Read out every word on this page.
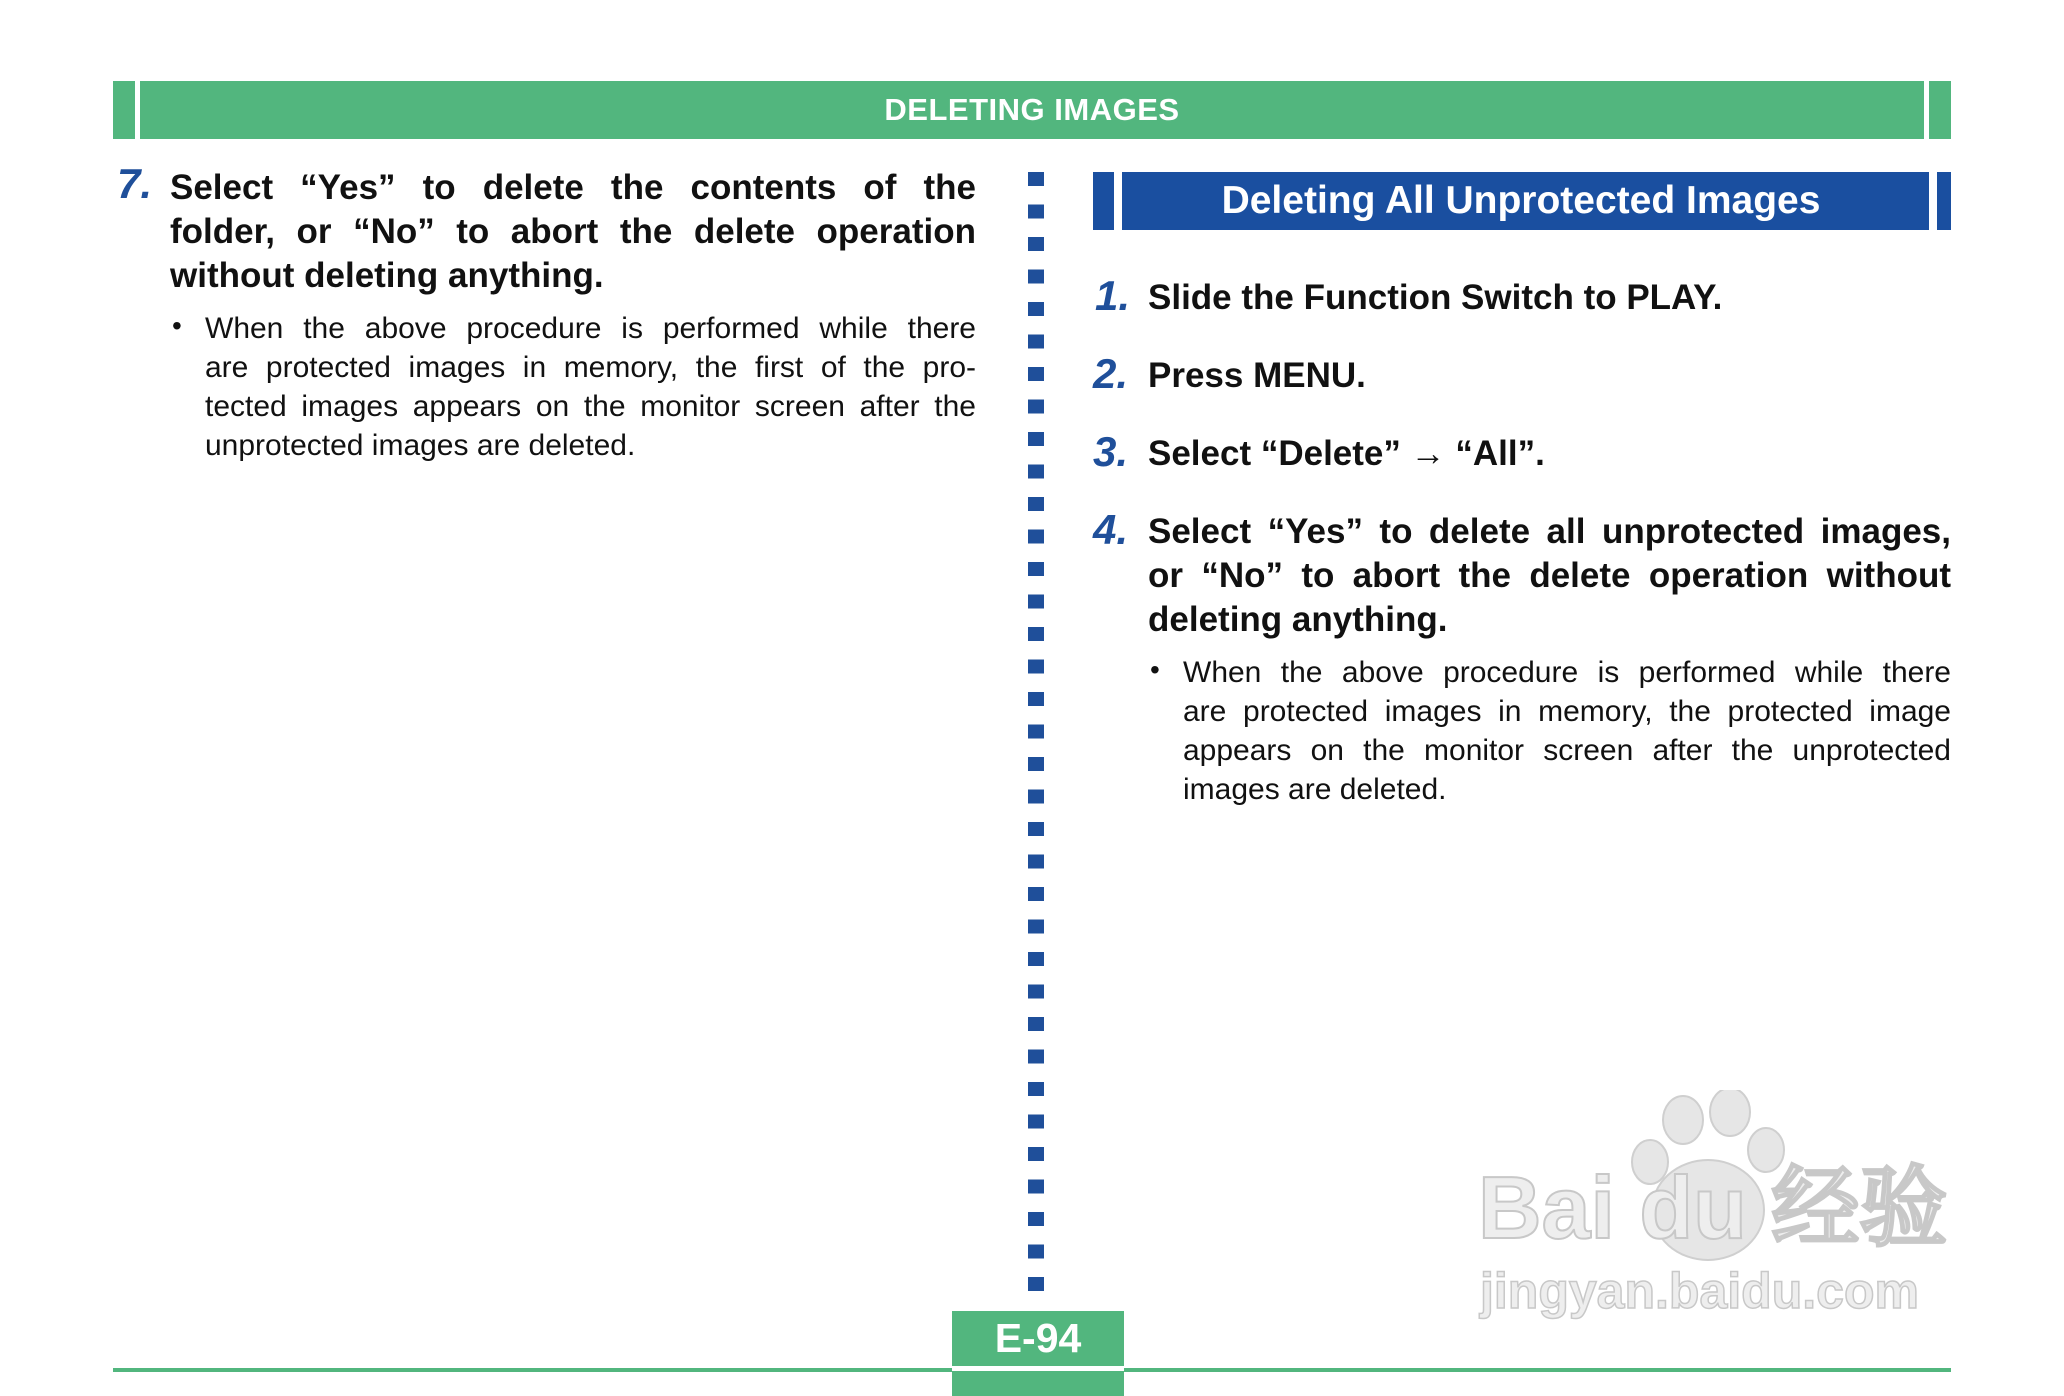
DELETING IMAGES
7. Select “Yes” to delete the contents of the
folder, or “No” to abort the delete operation
without deleting anything.
• When the above procedure is performed while there
are protected images in memory, the first of the pro-
tected images appears on the monitor screen after the
unprotected images are deleted.
Deleting All Unprotected Images
1. Slide the Function Switch to PLAY.
2. Press MENU.
3. Select “Delete” → “All”.
4. Select “Yes” to delete all unprotected images,
or “No” to abort the delete operation without
deleting anything.
• When the above procedure is performed while there
are protected images in memory, the protected image
appears on the monitor screen after the unprotected
images are deleted.
Bai du 经验
jingyan.baidu.com
E-94
